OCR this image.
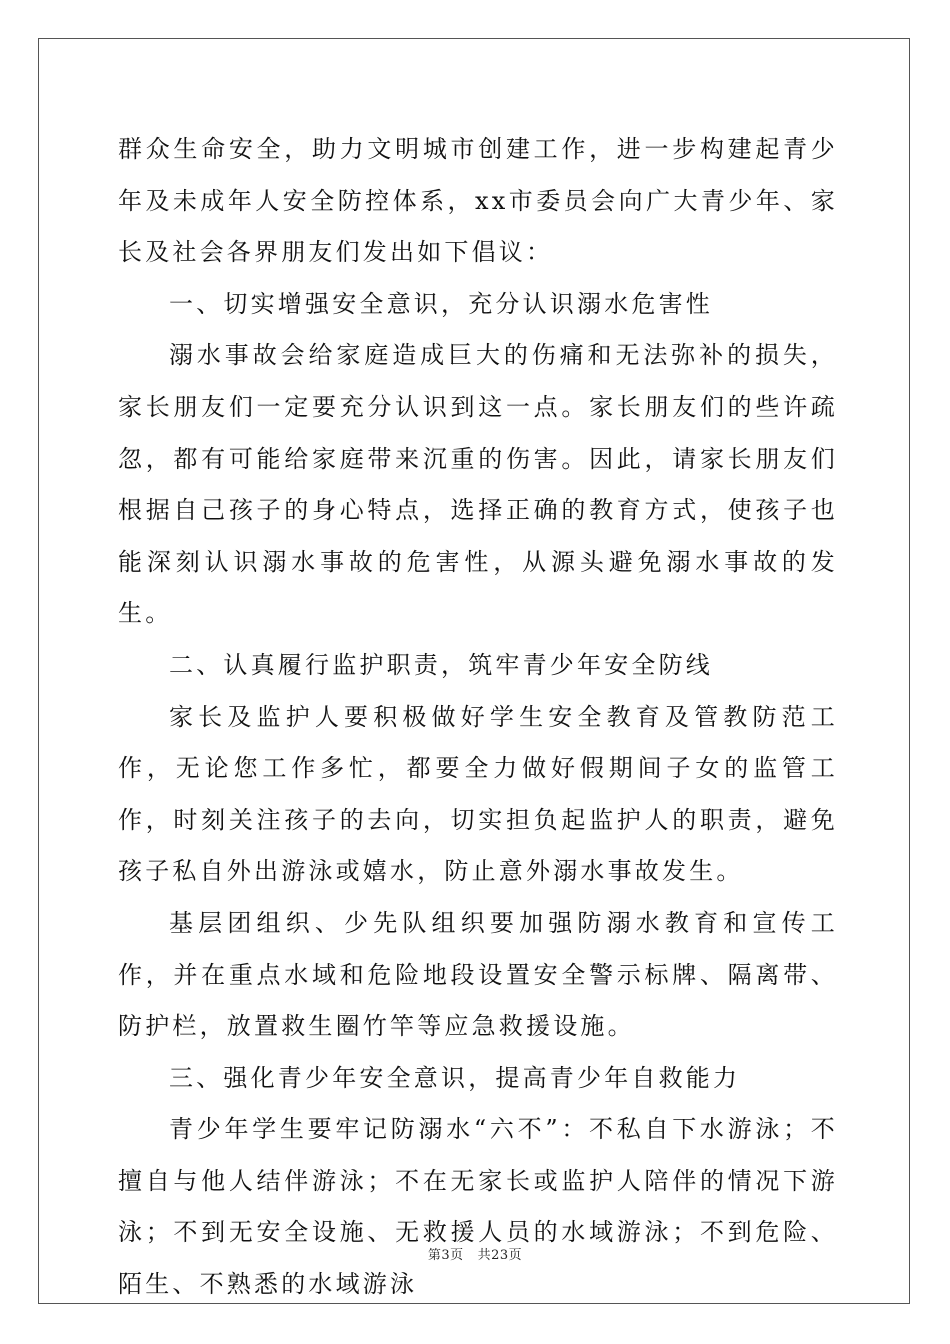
群众生命安全，助力文明城市创建工作，进一步构建起青少年及未成年人安全防控体系，xx市委员会向广大青少年、家长及社会各界朋友们发出如下倡议：

一、切实增强安全意识，充分认识溺水危害性

溺水事故会给家庭造成巨大的伤痛和无法弥补的损失，家长朋友们一定要充分认识到这一点。家长朋友们的些许疏忽，都有可能给家庭带来沉重的伤害。因此，请家长朋友们根据自己孩子的身心特点，选择正确的教育方式，使孩子也能深刻认识溺水事故的危害性，从源头避免溺水事故的发生。

二、认真履行监护职责，筑牢青少年安全防线

家长及监护人要积极做好学生安全教育及管教防范工作，无论您工作多忙，都要全力做好假期间子女的监管工作，时刻关注孩子的去向，切实担负起监护人的职责，避免孩子私自外出游泳或嬉水，防止意外溺水事故发生。

基层团组织、少先队组织要加强防溺水教育和宣传工作，并在重点水域和危险地段设置安全警示标牌、隔离带、防护栏，放置救生圈竹竿等应急救援设施。

三、强化青少年安全意识，提高青少年自救能力

青少年学生要牢记防溺水“六不”：不私自下水游泳；不擅自与他人结伴游泳；不在无家长或监护人陪伴的情况下游泳；不到无安全设施、无救援人员的水域游泳；不到危险、陌生、不熟悉的水域游泳

第3页 共23页
